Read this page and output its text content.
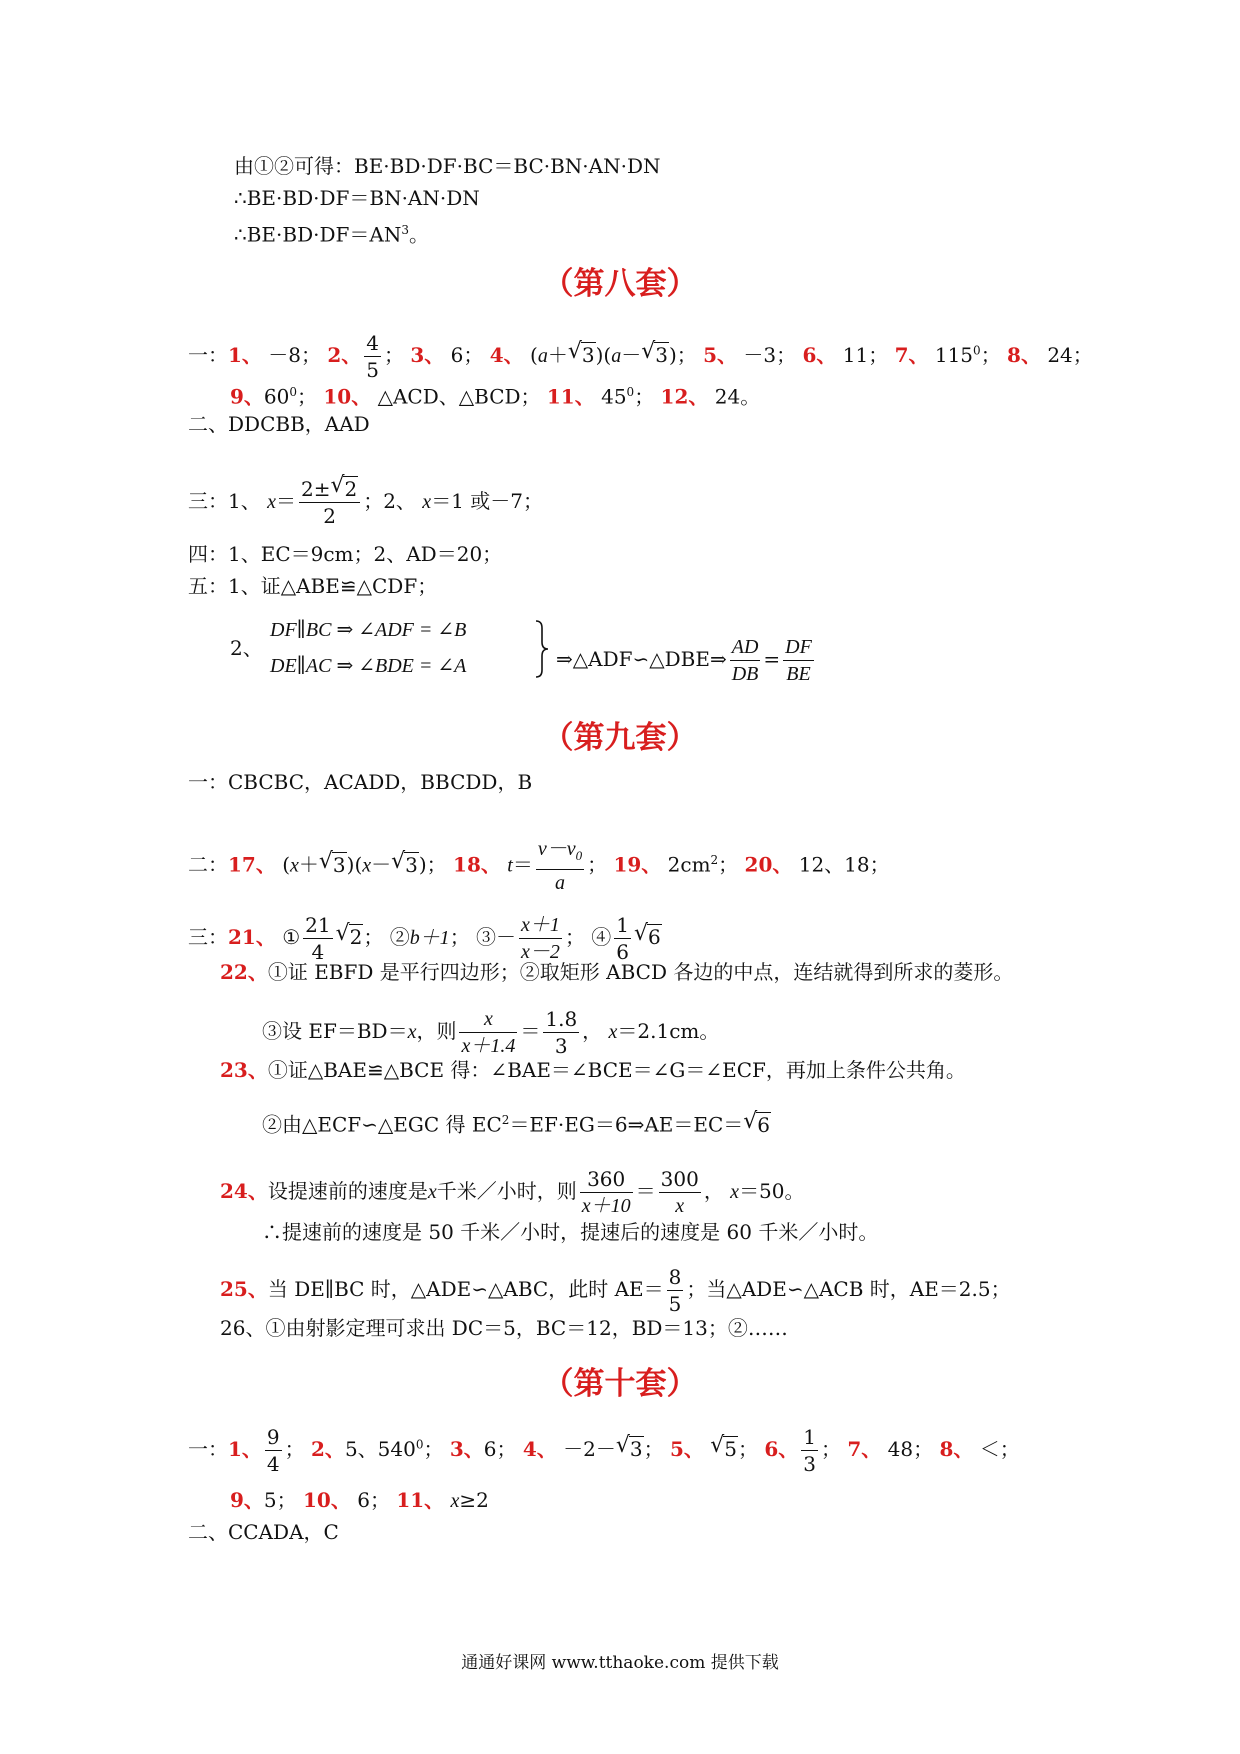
由①②可得：BE·BD·DF·BC＝BC·BN·AN·DN
∴BE·BD·DF＝BN·AN·DN
$\therefore BE\cdot BD\cdot DF=AN^3$。
（第八套）
一：1、 －8； 2、 $\frac{4}{5}$ ； 3、 6； 4、 (a＋√ 3)(a－√ 3)； 5、 －3； 6、 11； 7、 $115^0$； 8、 24；
9、$60^0$； 10、 △ACD、△BCD； 11、 $45^0$； 12、 24。
二、DDCBB，AAD
三：1、 $x= \frac{2\pm√ 2}{2}$ ；2、 x＝1 或－7；
四：1、EC＝9cm；2、AD＝20；
五：1、证△ABE≌△CDF；
2、
DF∥BC ⇒ ∠ADF = ∠B
DE∥AC ⇒ ∠BDE = ∠A	⇒△ADF∽△DBE⇒ $\frac{AD}{DB} = \frac{DF}{BE}$
（第九套）
一：CBCBC，ACADD，BBCDD，B
二：17、 (x＋√ 3)(x－√ 3)； 18、 $t= \frac{v-v_0}{a}$ ； 19、 $2cm^2$； 20、 12、18；
三：21、 ① $\frac{21}{4}$
√ 2； ②b＋1； ③－ $\frac{x+1}{x-2}$ ； ④ $\frac{1}{6}$
√ 6
22、①证 EBFD 是平行四边形；②取矩形 ABCD 各边的中点，连结就得到所求的菱形。
③设 EF＝BD＝x，则 $\frac{x}{x+1.4} = \frac{1.8}{3}$ ， x＝2.1cm。
23、①证△BAE≌△BCE 得：∠BAE＝∠BCE＝∠G＝∠ECF，再加上条件公共角。
②由△ECF∽△EGC 得 $EC^2=EF\cdot EG=6\Rightarrow AE=EC=√$ 6
24、设提速前的速度是x千米／小时，则 $\frac{360}{x+10} = \frac{300}{x}$ ， x＝50。
∴提速前的速度是 50 千米／小时，提速后的速度是 60 千米／小时。
25、当 DE∥BC 时，△ADE∽△ABC，此时 $AE= \frac{8}{5}$ ；当△ADE∽△ACB 时，AE＝2.5；
26、①由射影定理可求出 DC＝5，BC＝12，BD＝13；②……
（第十套）
一：1、 $\frac{9}{4}$ ； 2、5、$540^0$； 3、6； 4、 －2－√ 3； 5、 √ 5； 6、 $\frac{1}{3}$ ； 7、 48； 8、 ＜；
9、5； 10、 6； 11、 x≥2
二、CCADA，C
通通好课网 www.tthaoke.com 提供下载
